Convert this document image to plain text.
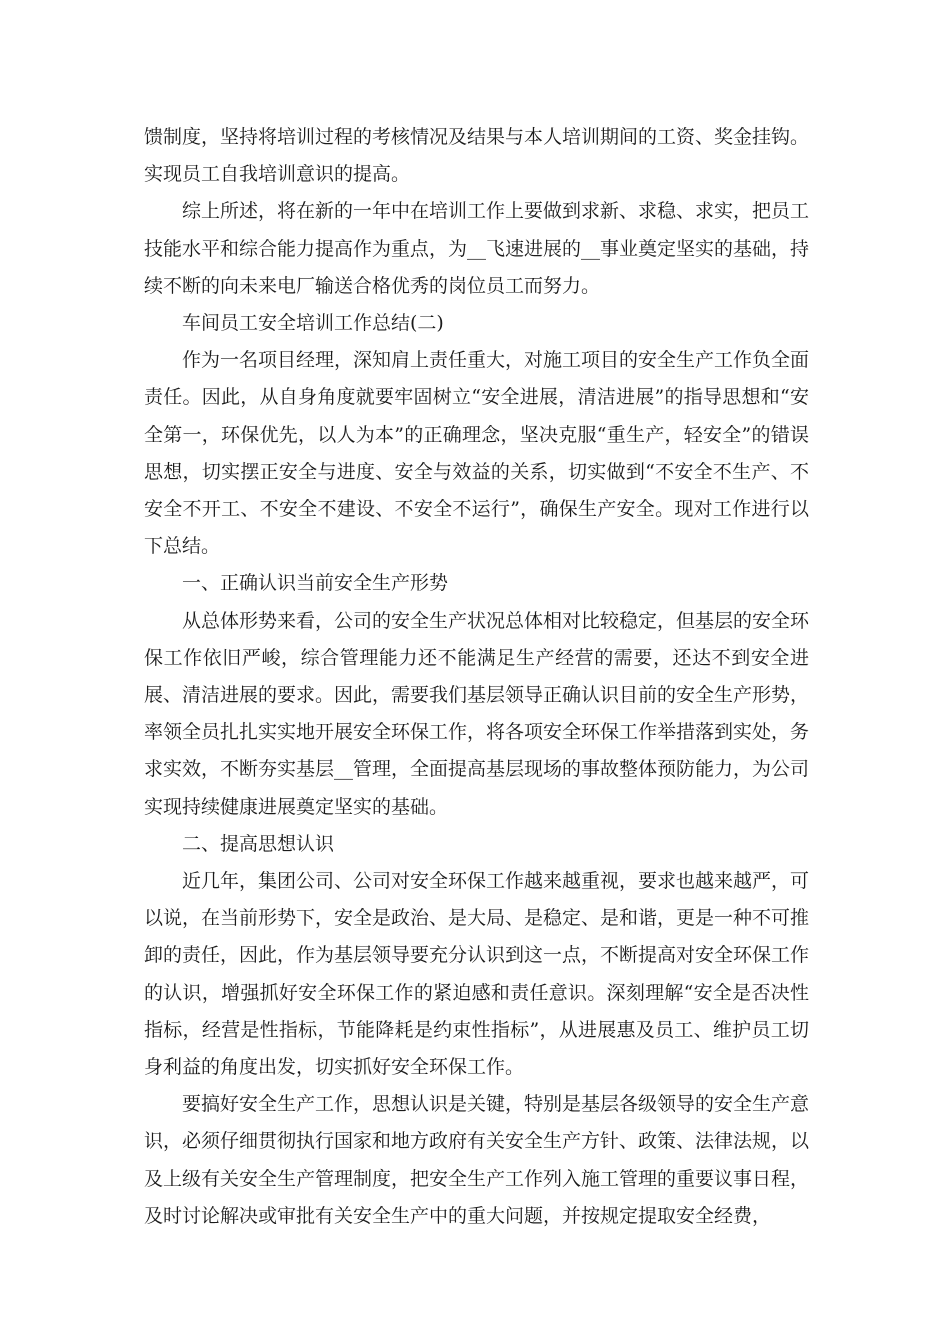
馈制度，坚持将培训过程的考核情况及结果与本人培训期间的工资、奖金挂钩。实现员工自我培训意识的提高。

综上所述，将在新的一年中在培训工作上要做到求新、求稳、求实，把员工技能水平和综合能力提高作为重点，为__飞速进展的__事业奠定坚实的基础，持续不断的向未来电厂输送合格优秀的岗位员工而努力。

车间员工安全培训工作总结(二)

作为一名项目经理，深知肩上责任重大，对施工项目的安全生产工作负全面责任。因此，从自身角度就要牢固树立“安全进展，清洁进展”的指导思想和“安全第一，环保优先，以人为本”的正确理念，坚决克服“重生产，轻安全”的错误思想，切实摆正安全与进度、安全与效益的关系，切实做到“不安全不生产、不安全不开工、不安全不建设、不安全不运行”，确保生产安全。现对工作进行以下总结。

一、正确认识当前安全生产形势

从总体形势来看，公司的安全生产状况总体相对比较稳定，但基层的安全环保工作依旧严峻，综合管理能力还不能满足生产经营的需要，还达不到安全进展、清洁进展的要求。因此，需要我们基层领导正确认识目前的安全生产形势，率领全员扎扎实实地开展安全环保工作，将各项安全环保工作举措落到实处，务求实效，不断夯实基层__管理，全面提高基层现场的事故整体预防能力，为公司实现持续健康进展奠定坚实的基础。

二、提高思想认识

近几年，集团公司、公司对安全环保工作越来越重视，要求也越来越严，可以说，在当前形势下，安全是政治、是大局、是稳定、是和谐，更是一种不可推卸的责任，因此，作为基层领导要充分认识到这一点，不断提高对安全环保工作的认识，增强抓好安全环保工作的紧迫感和责任意识。深刻理解“安全是否决性指标，经营是性指标，节能降耗是约束性指标”，从进展惠及员工、维护员工切身利益的角度出发，切实抓好安全环保工作。

要搞好安全生产工作，思想认识是关键，特别是基层各级领导的安全生产意识，必须仔细贯彻执行国家和地方政府有关安全生产方针、政策、法律法规，以及上级有关安全生产管理制度，把安全生产工作列入施工管理的重要议事日程，及时讨论解决或审批有关安全生产中的重大问题，并按规定提取安全经费，
